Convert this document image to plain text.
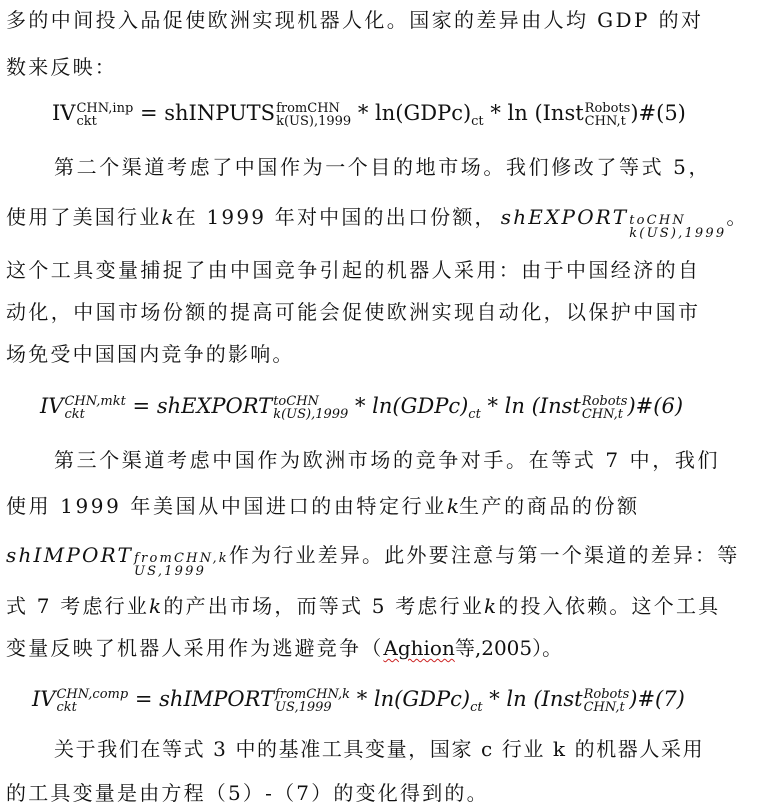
多的中间投入品促使欧洲实现机器人化。国家的差异由人均 GDP 的对
数来反映：
IV CHN,inp
ckt	= shINPUTS fromCHN
$k(US),1999 * \ln(GDPc)_{ct}$ * ln (Inst Robots
CHN,t )#(5)
第二个渠道考虑了中国作为一个目的地市场。我们修改了等式 5，
使用了美国行业 k 在 1999 年对中国的出口份额， shEXPORT toCHN
k(US),1999
。
这个工具变量捕捉了由中国竞争引起的机器人采用：由于中国经济的自
动化，中国市场份额的提高可能会促使欧洲实现自动化，以保护中国市
场免受中国国内竞争的影响。
IV CHN,mkt
ckt	= shEXPORT toCHN
$k(US),1999 * \ln(GDPc)_{ct}$ * ln (Inst Robots
CHN,t )#(6)
第三个渠道考虑中国作为欧洲市场的竞争对手。在等式 7 中，我们
使用 1999 年美国从中国进口的由特定行业k生产的商品的份额
shIMPORT fromCHN,k
US,1999
作为行业差异。此外要注意与第一个渠道的差异：等
式 7 考虑行业 k 的产出市场，而等式 5 考虑行业 k 的投入依赖。这个工具
变量反映了机器人采用作为逃避竞争（ Aghion 等,2005）。
IV CHN,comp
ckt	= shIMPORT fromCHN,k
$US,1999 * \ln(GDPc)_{ct}$ * ln (Inst Robots
CHN,t )#(7)
关于我们在等式 3 中的基准工具变量，国家 c 行业 k 的机器人采用
的工具变量是由方程（5）-（7）的变化得到的。
